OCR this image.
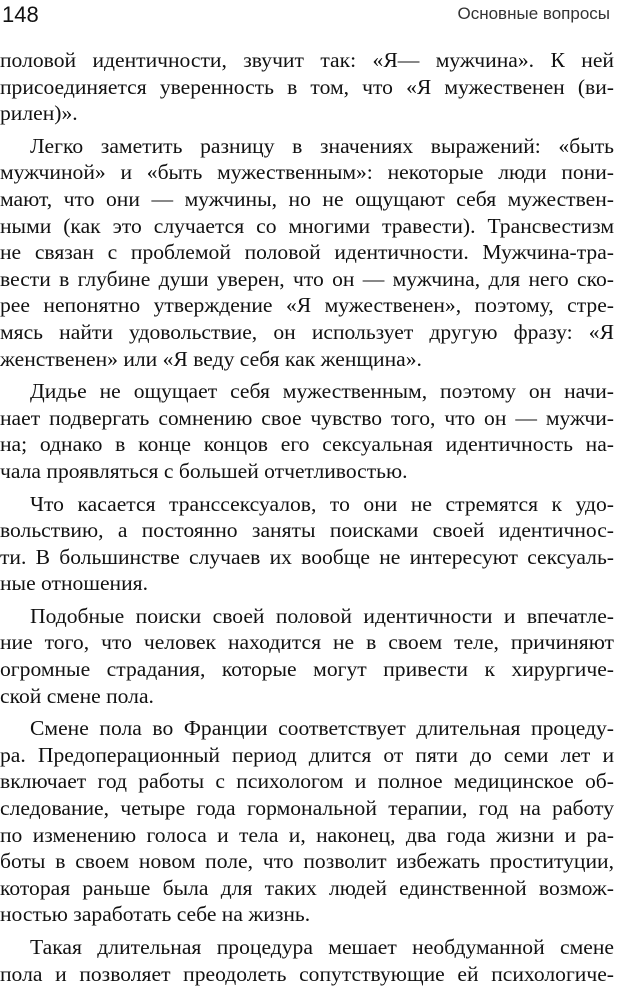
148	Основные вопросы
половой идентичности, звучит так: «Я— мужчина». К ней
присоединяется уверенность в том, что «Я мужественен (ви-
рилен)».
Легко заметить разницу в значениях выражений: «быть
мужчиной» и «быть мужественным»: некоторые люди пони-
мают, что они — мужчины, но не ощущают себя мужествен-
ными (как это случается со многими травести). Трансвестизм
не связан с проблемой половой идентичности. Мужчина-тра-
вести в глубине души уверен, что он — мужчина, для него ско-
рее непонятно утверждение «Я мужественен», поэтому, стре-
мясь найти удовольствие, он использует другую фразу: «Я
женственен» или «Я веду себя как женщина».
Дидье не ощущает себя мужественным, поэтому он начи-
нает подвергать сомнению свое чувство того, что он — мужчи-
на; однако в конце концов его сексуальная идентичность на-
чала проявляться с большей отчетливостью.
Что касается транссексуалов, то они не стремятся к удо-
вольствию, а постоянно заняты поисками своей идентичнос-
ти. В большинстве случаев их вообще не интересуют сексуаль-
ные отношения.
Подобные поиски своей половой идентичности и впечатле-
ние того, что человек находится не в своем теле, причиняют
огромные страдания, которые могут привести к хирургиче-
ской смене пола.
Смене пола во Франции соответствует длительная процеду-
ра. Предоперационный период длится от пяти до семи лет и
включает год работы с психологом и полное медицинское об-
следование, четыре года гормональной терапии, год на работу
по изменению голоса и тела и, наконец, два года жизни и ра-
боты в своем новом поле, что позволит избежать проституции,
которая раньше была для таких людей единственной возмож-
ностью заработать себе на жизнь.
Такая длительная процедура мешает необдуманной смене
пола и позволяет преодолеть сопутствующие ей психологиче-
